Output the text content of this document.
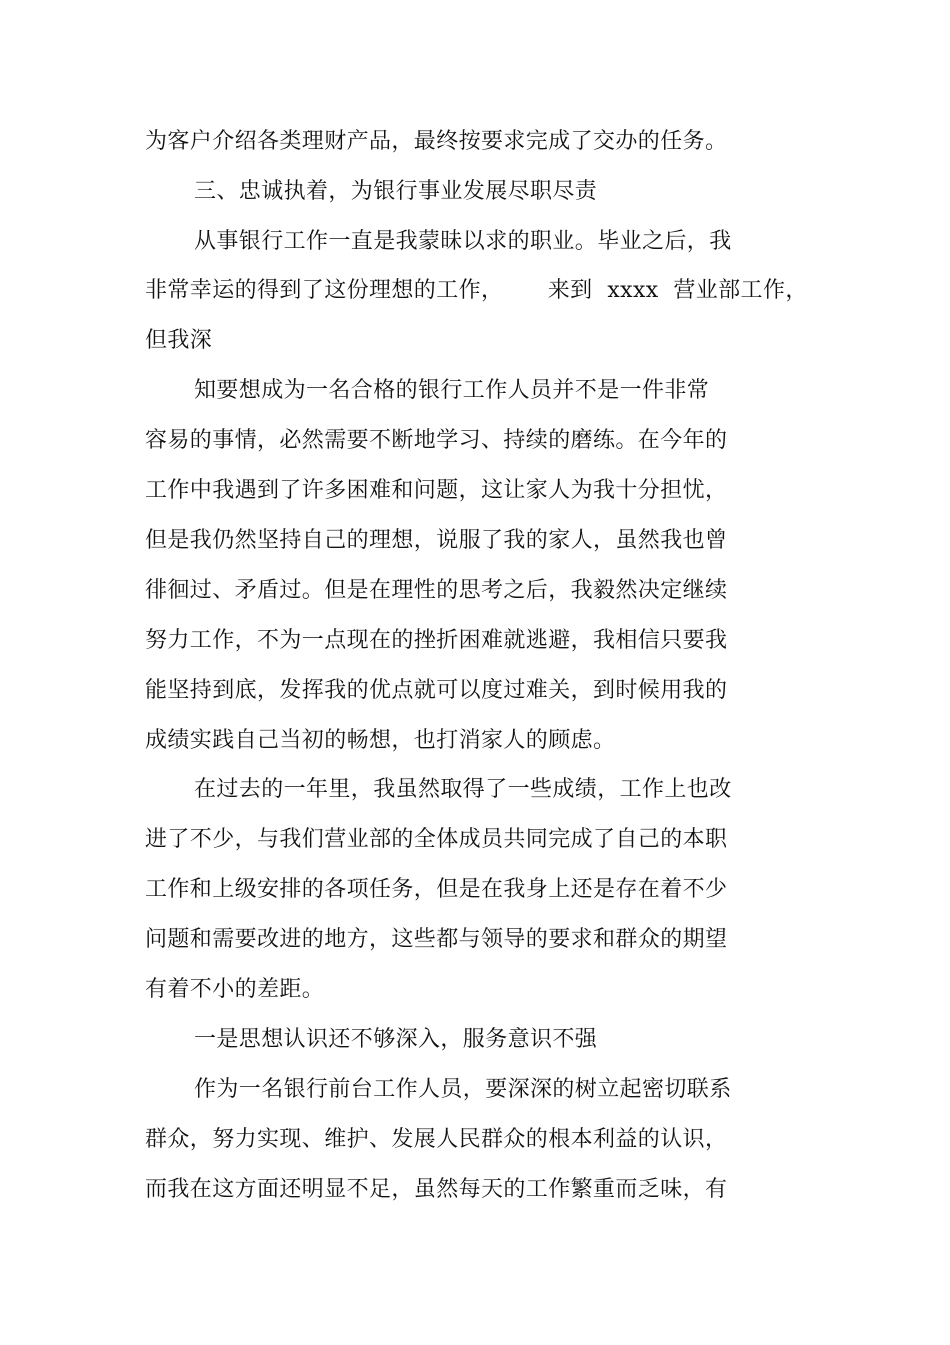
为客户介绍各类理财产品，最终按要求完成了交办的任务。
三、忠诚执着，为银行事业发展尽职尽责
从事银行工作一直是我蒙昧以求的职业。毕业之后，我
非常幸运的得到了这份理想的工作，      来到  xxxx  营业部工作，
但我深
知要想成为一名合格的银行工作人员并不是一件非常
容易的事情，必然需要不断地学习、持续的磨练。在今年的
工作中我遇到了许多困难和问题，这让家人为我十分担忧，
但是我仍然坚持自己的理想，说服了我的家人，虽然我也曾
徘徊过、矛盾过。但是在理性的思考之后，我毅然决定继续
努力工作，不为一点现在的挫折困难就逃避，我相信只要我
能坚持到底，发挥我的优点就可以度过难关，到时候用我的
成绩实践自己当初的畅想，也打消家人的顾虑。
在过去的一年里，我虽然取得了一些成绩，工作上也改
进了不少，与我们营业部的全体成员共同完成了自己的本职
工作和上级安排的各项任务，但是在我身上还是存在着不少
问题和需要改进的地方，这些都与领导的要求和群众的期望
有着不小的差距。
一是思想认识还不够深入，服务意识不强
作为一名银行前台工作人员，要深深的树立起密切联系
群众，努力实现、维护、发展人民群众的根本利益的认识，
而我在这方面还明显不足，虽然每天的工作繁重而乏味，有
